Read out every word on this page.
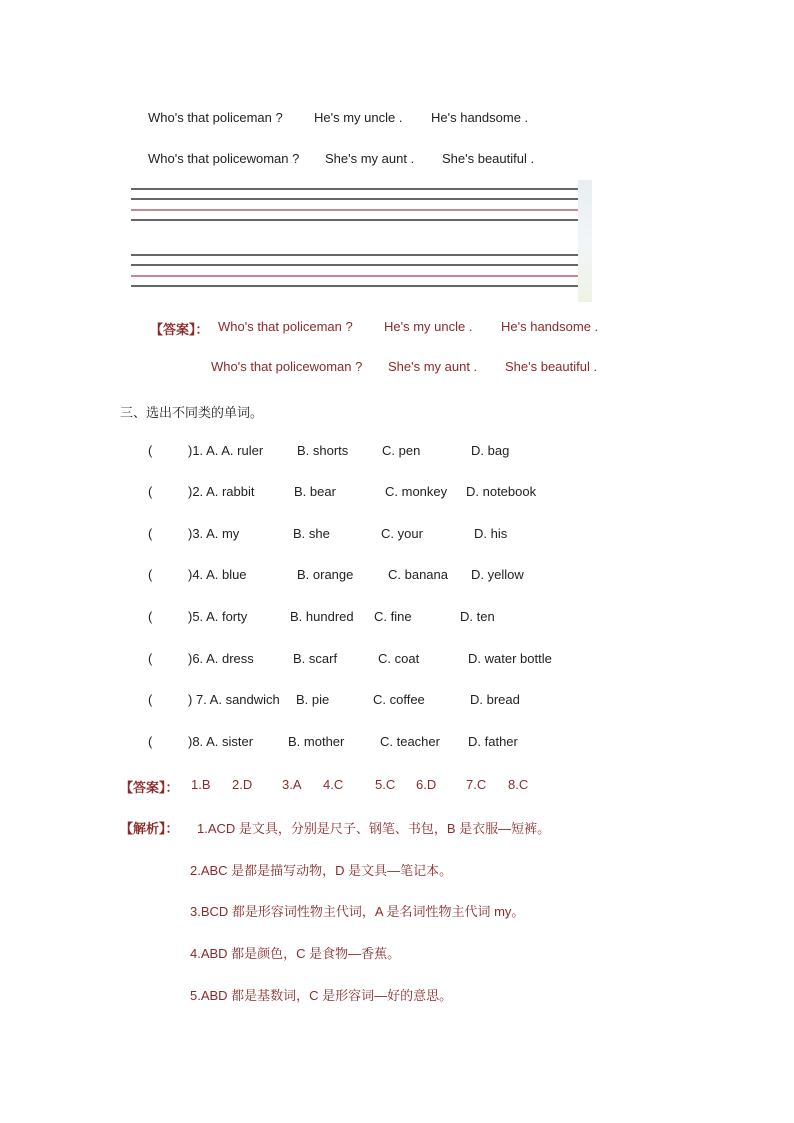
Who's that policeman ? He's my uncle . He's handsome .
Who's that policewoman ? She's my aunt . She's beautiful .
【答案】： Who's that policeman ? He's my uncle . He's handsome .
Who's that policewoman ? She's my aunt . She's beautiful .
三、选出不同类的单词。
(	)1. A. A. ruler	B. shorts	C. pen	D. bag
(	)2. A. rabbit	B. bear	C. monkey D. notebook
(	)3. A. my	B. she	C. your	D. his
(	)4. A. blue	B. orange	C. banana D. yellow
(	)5. A. forty	B. hundred C. fine	D. ten
(	)6. A. dress	B. scarf	C. coat	D. water bottle
(	) 7. A. sandwich B. pie	C. coffee	D. bread
(	)8. A. sister	B. mother	C. teacher D. father
【答案】： 1.B 2.D 3.A 4.C 5.C 6.D 7.C 8.C
【解析】： 1.ACD 是文具，分别是尺子、钢笔、书包，B 是衣服—短裤。
2.ABC 是都是描写动物，D 是文具—笔记本。
3.BCD 都是形容词性物主代词，A 是名词性物主代词 my。
4.ABD 都是颜色，C 是食物—香蕉。
5.ABD 都是基数词，C 是形容词—好的意思。
